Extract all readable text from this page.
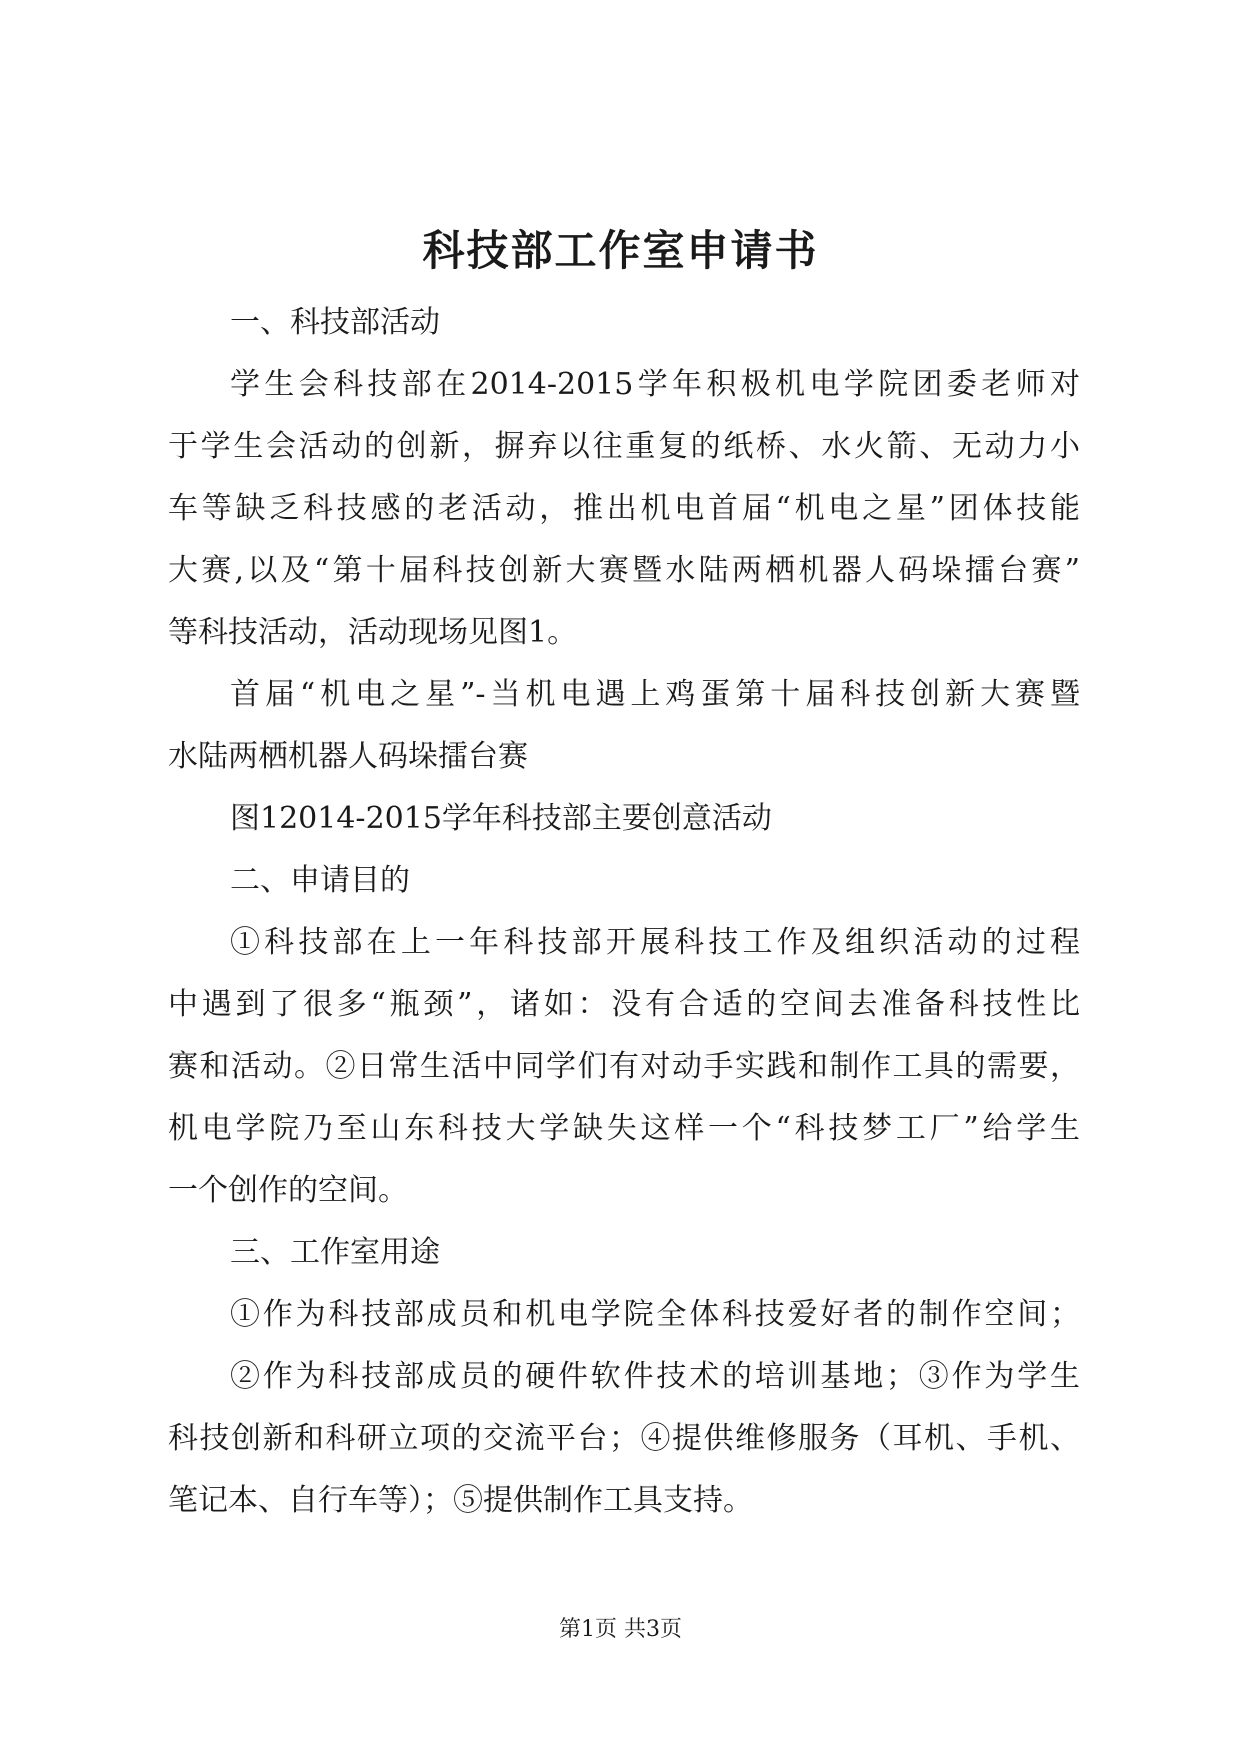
科技部工作室申请书
一、科技部活动
学生会科技部在2014-2015学年积极机电学院团委老师对
于学生会活动的创新，摒弃以往重复的纸桥、水火箭、无动力小
车等缺乏科技感的老活动，推出机电首届“机电之星”团体技能
大赛,以及“第十届科技创新大赛暨水陆两栖机器人码垛擂台赛”
等科技活动，活动现场见图1。
首届“机电之星”-当机电遇上鸡蛋第十届科技创新大赛暨
水陆两栖机器人码垛擂台赛
图12014-2015学年科技部主要创意活动
二、申请目的
①科技部在上一年科技部开展科技工作及组织活动的过程
中遇到了很多“瓶颈”，诸如：没有合适的空间去准备科技性比
赛和活动。②日常生活中同学们有对动手实践和制作工具的需要，
机电学院乃至山东科技大学缺失这样一个“科技梦工厂”给学生
一个创作的空间。
三、工作室用途
①作为科技部成员和机电学院全体科技爱好者的制作空间；
②作为科技部成员的硬件软件技术的培训基地；③作为学生
科技创新和科研立项的交流平台；④提供维修服务（耳机、手机、
笔记本、自行车等）；⑤提供制作工具支持。
第1页 共3页
